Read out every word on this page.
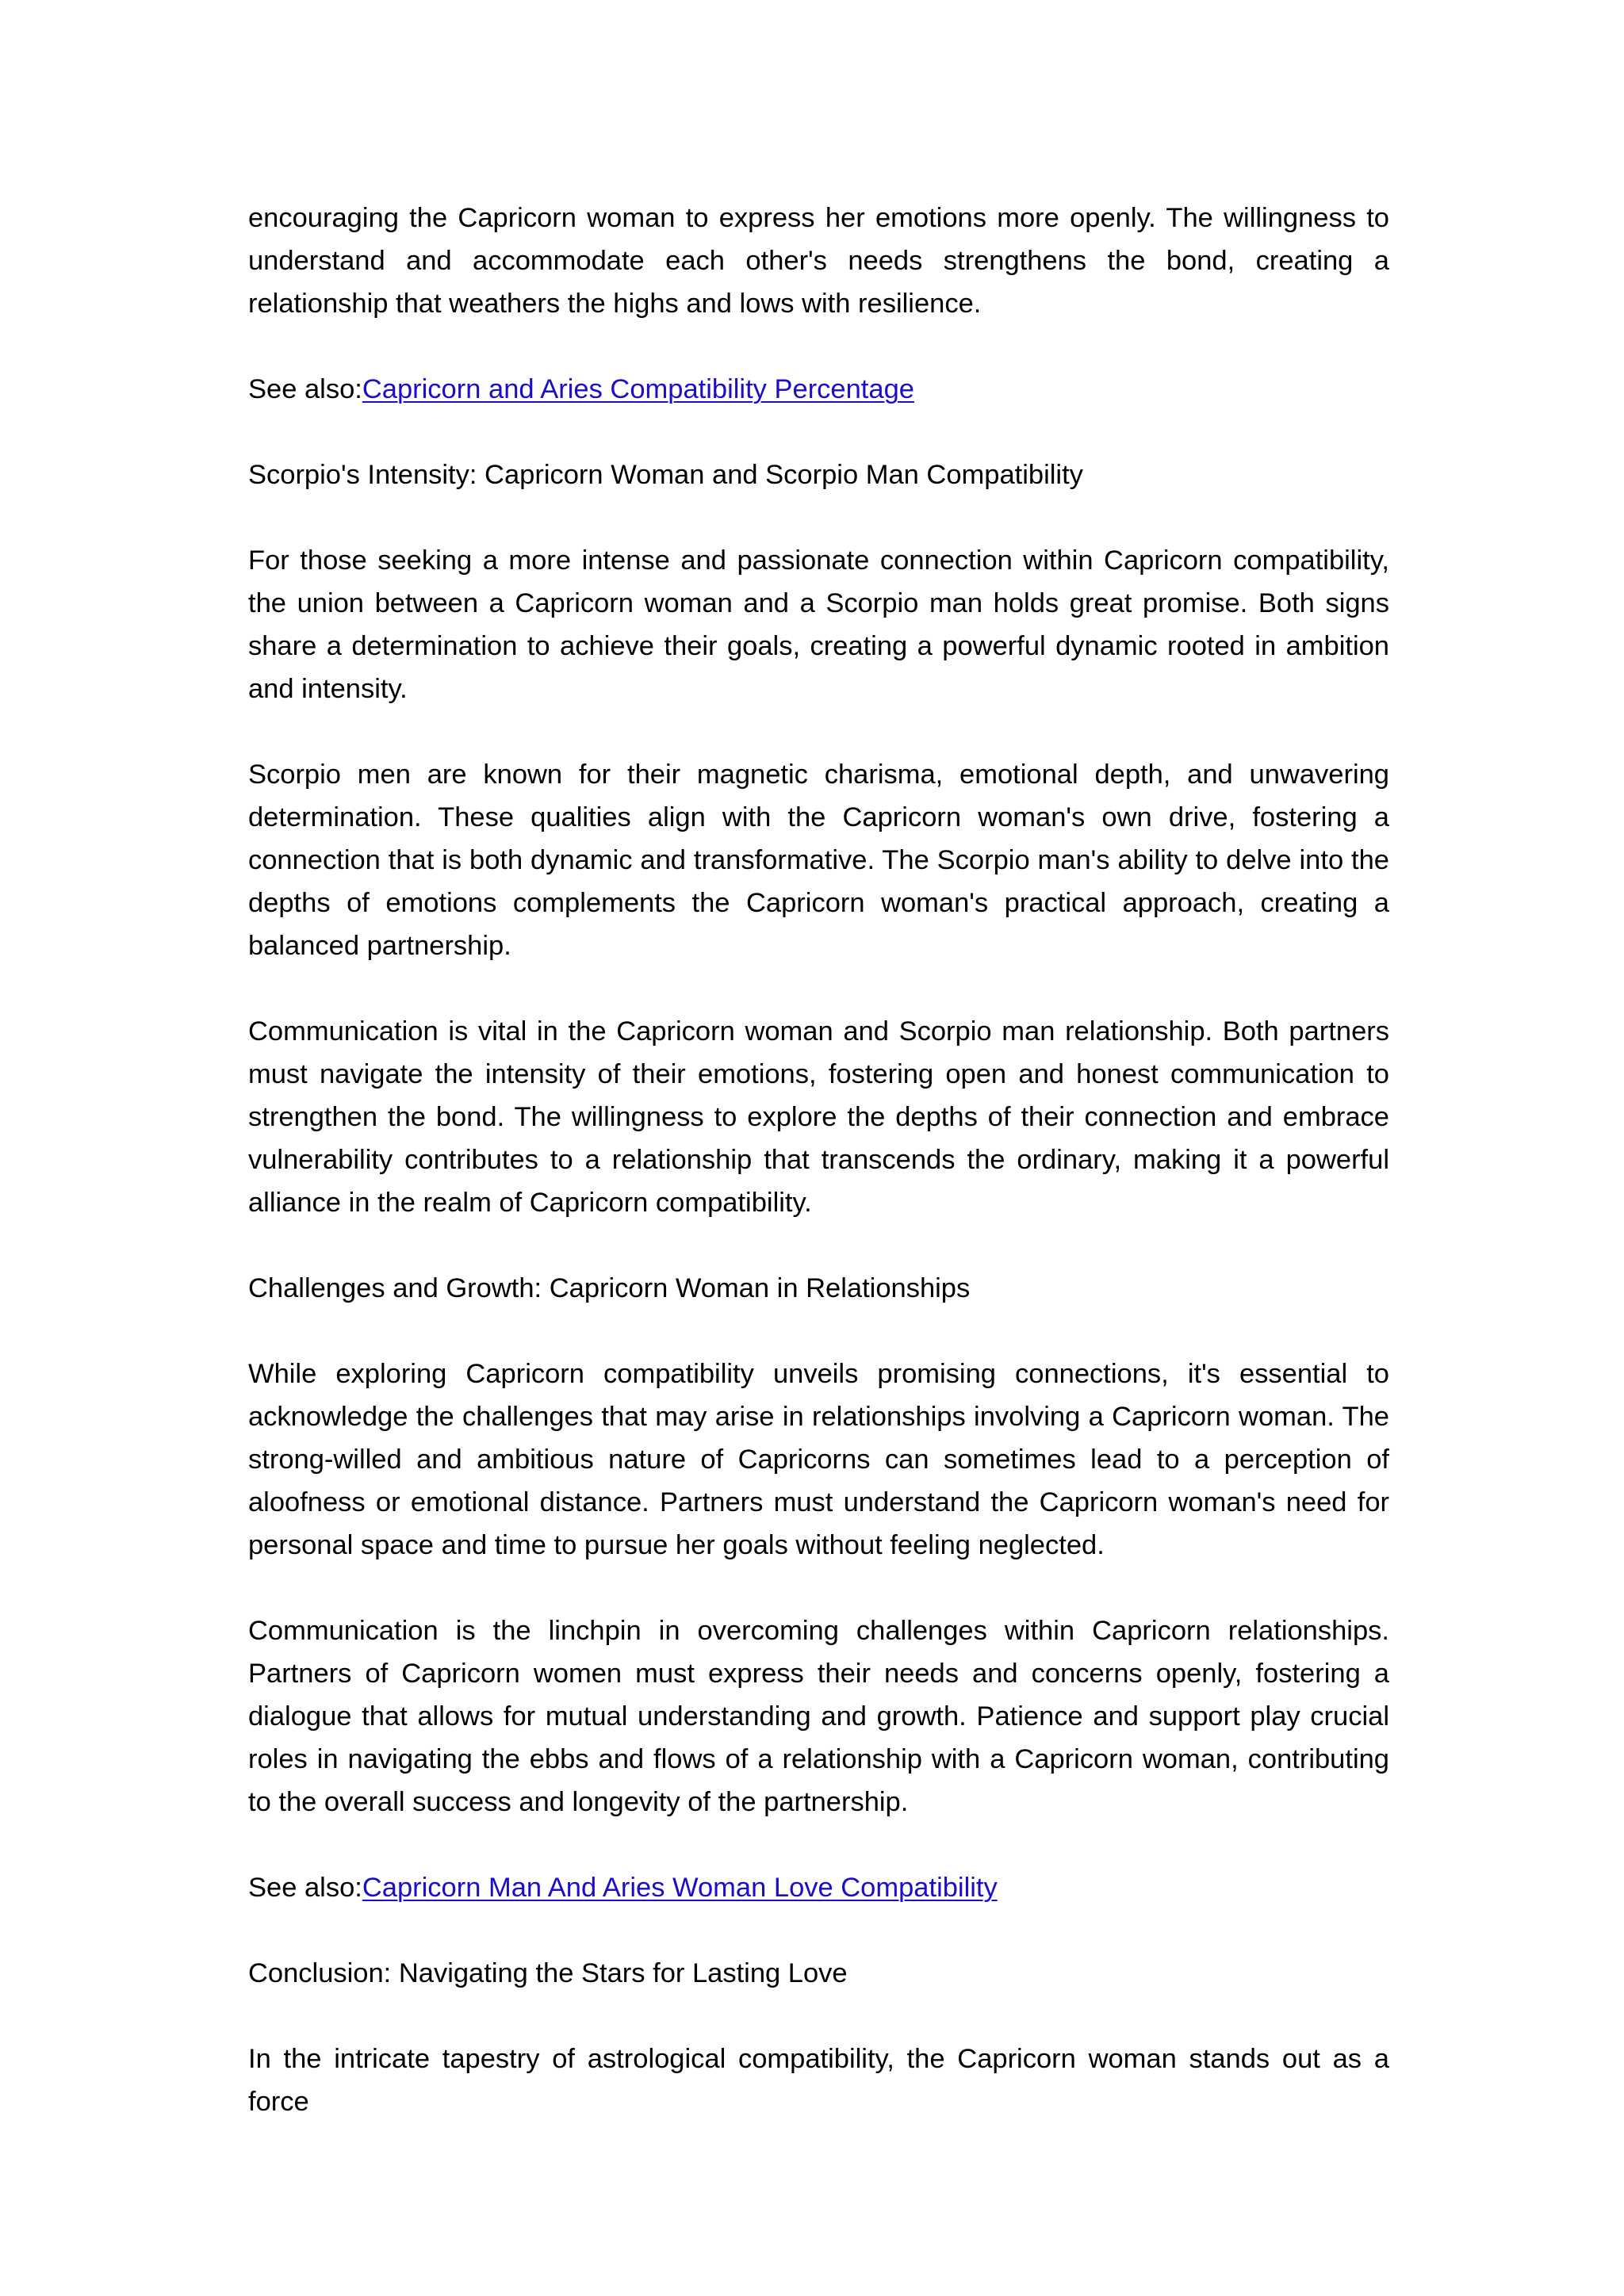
encouraging the Capricorn woman to express her emotions more openly. The willingness to understand and accommodate each other's needs strengthens the bond, creating a relationship that weathers the highs and lows with resilience.

See also:Capricorn and Aries Compatibility Percentage

Scorpio's Intensity: Capricorn Woman and Scorpio Man Compatibility

For those seeking a more intense and passionate connection within Capricorn compatibility, the union between a Capricorn woman and a Scorpio man holds great promise. Both signs share a determination to achieve their goals, creating a powerful dynamic rooted in ambition and intensity.

Scorpio men are known for their magnetic charisma, emotional depth, and unwavering determination. These qualities align with the Capricorn woman's own drive, fostering a connection that is both dynamic and transformative. The Scorpio man's ability to delve into the depths of emotions complements the Capricorn woman's practical approach, creating a balanced partnership.

Communication is vital in the Capricorn woman and Scorpio man relationship. Both partners must navigate the intensity of their emotions, fostering open and honest communication to strengthen the bond. The willingness to explore the depths of their connection and embrace vulnerability contributes to a relationship that transcends the ordinary, making it a powerful alliance in the realm of Capricorn compatibility.

Challenges and Growth: Capricorn Woman in Relationships

While exploring Capricorn compatibility unveils promising connections, it's essential to acknowledge the challenges that may arise in relationships involving a Capricorn woman. The strong-willed and ambitious nature of Capricorns can sometimes lead to a perception of aloofness or emotional distance. Partners must understand the Capricorn woman's need for personal space and time to pursue her goals without feeling neglected.

Communication is the linchpin in overcoming challenges within Capricorn relationships. Partners of Capricorn women must express their needs and concerns openly, fostering a dialogue that allows for mutual understanding and growth. Patience and support play crucial roles in navigating the ebbs and flows of a relationship with a Capricorn woman, contributing to the overall success and longevity of the partnership.

See also:Capricorn Man And Aries Woman Love Compatibility

Conclusion: Navigating the Stars for Lasting Love

In the intricate tapestry of astrological compatibility, the Capricorn woman stands out as a force
